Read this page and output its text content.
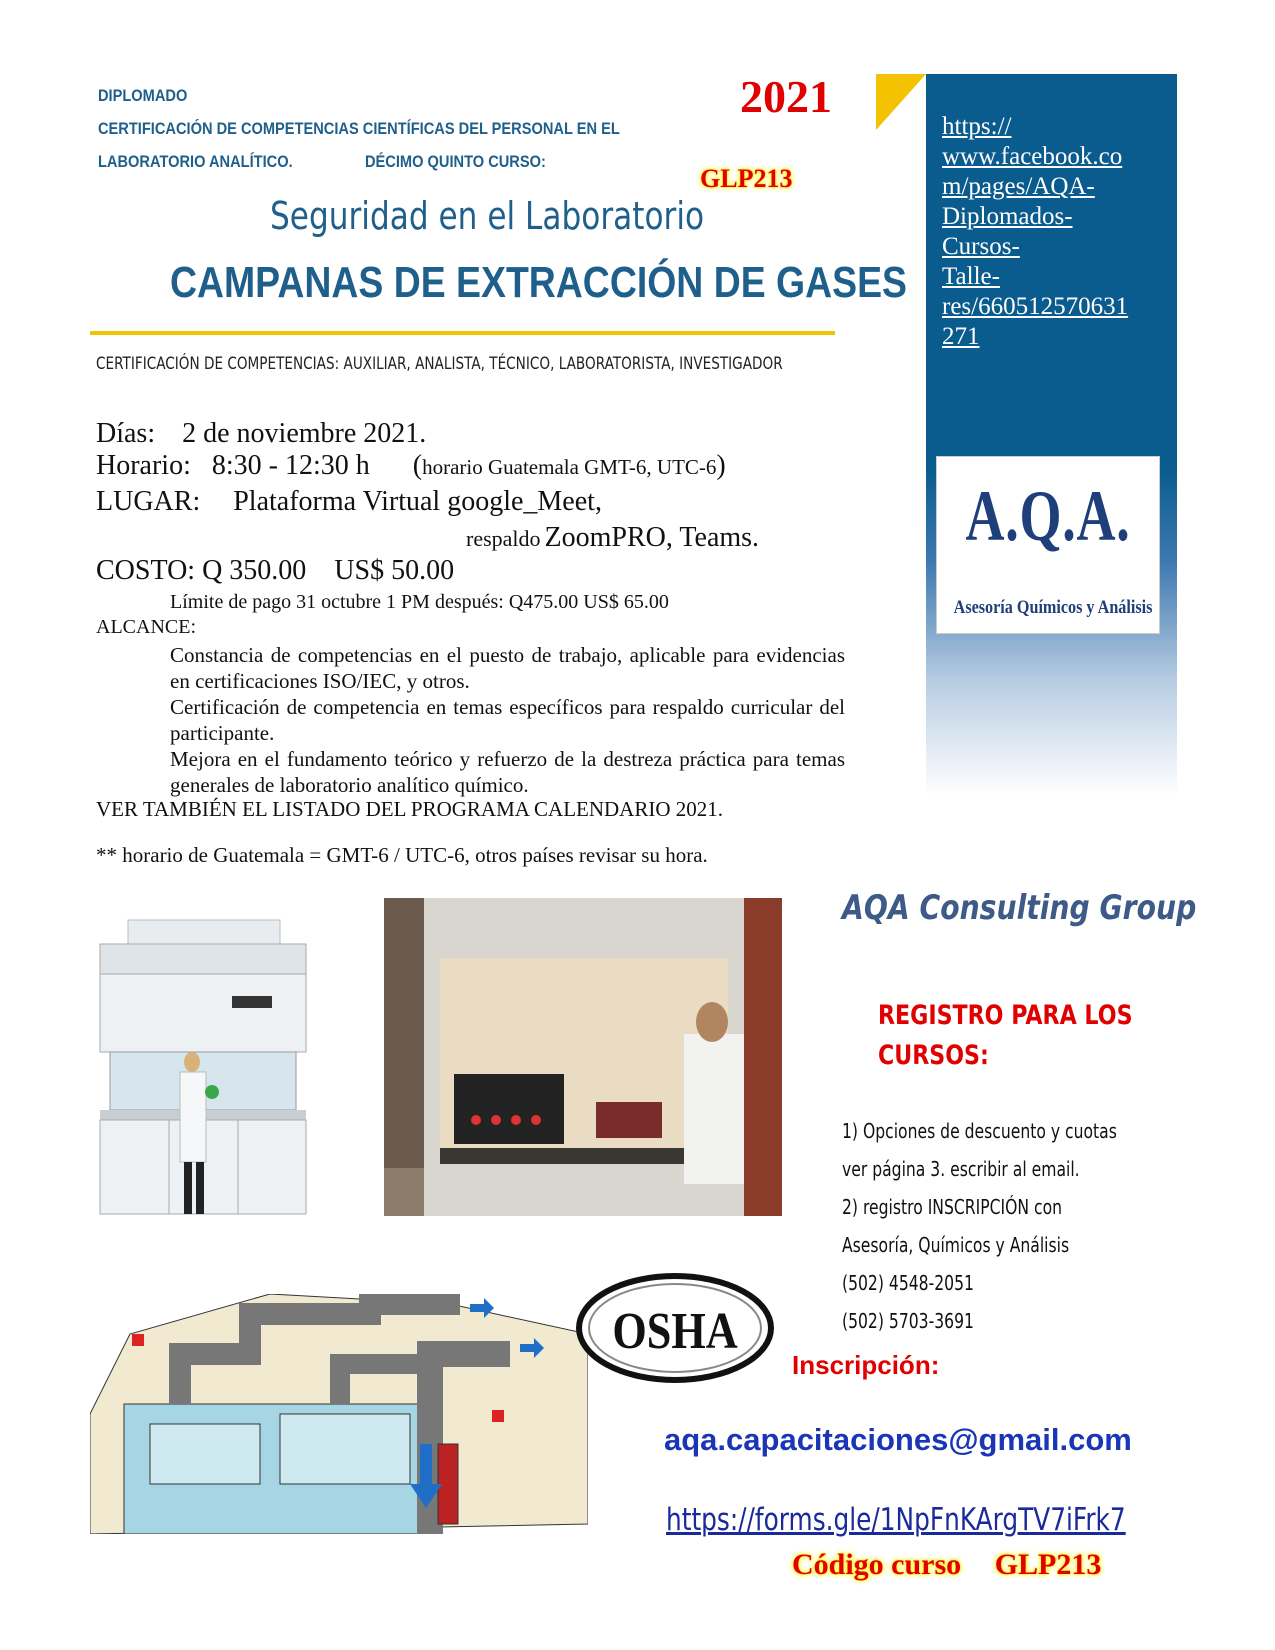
DIPLOMADO
CERTIFICACIÓN DE COMPETENCIAS CIENTÍFICAS DEL PERSONAL EN EL
LABORATORIO ANALÍTICO.	DÉCIMO QUINTO CURSO:
2021
GLP213
Seguridad en el Laboratorio
CAMPANAS DE EXTRACCIÓN DE GASES
CERTIFICACIÓN DE COMPETENCIAS: AUXILIAR, ANALISTA, TÉCNICO, LABORATORISTA, INVESTIGADOR
https://
www.facebook.co
m/pages/AQA-
Diplomados-
Cursos-
Talle-
res/660512570631
271
A.Q.A.
Asesoría Químicos y Análisis
Días: 2 de noviembre 2021.
Horario: 8:30 - 12:30 h (horario Guatemala GMT-6, UTC-6)
LUGAR: Plataforma Virtual google_Meet,
respaldo ZoomPRO, Teams.
COSTO: Q 350.00    US$ 50.00
Límite de pago 31 octubre 1 PM después: Q475.00 US$ 65.00
ALCANCE:

Constancia de competencias en el puesto de trabajo, aplicable para evidencias en certificaciones ISO/IEC, y otros.

Certificación de competencia en temas específicos para respaldo curricular del participante.

Mejora en el fundamento teórico y refuerzo de la destreza práctica para temas generales de laboratorio analítico químico.

VER TAMBIÉN EL LISTADO DEL PROGRAMA CALENDARIO 2021.
** horario de Guatemala = GMT-6 / UTC-6, otros países revisar su hora.
AQA Consulting Group
OSHA
REGISTRO PARA LOS
CURSOS:
1) Opciones de descuento y cuotas
ver página 3. escribir al email.
2) registro INSCRIPCIÓN con
Asesoría, Químicos y Análisis
(502) 4548-2051
(502) 5703-3691
Inscripción:
aqa.capacitaciones@gmail.com
https://forms.gle/1NpFnKArgTV7iFrk7
Código curso GLP213
